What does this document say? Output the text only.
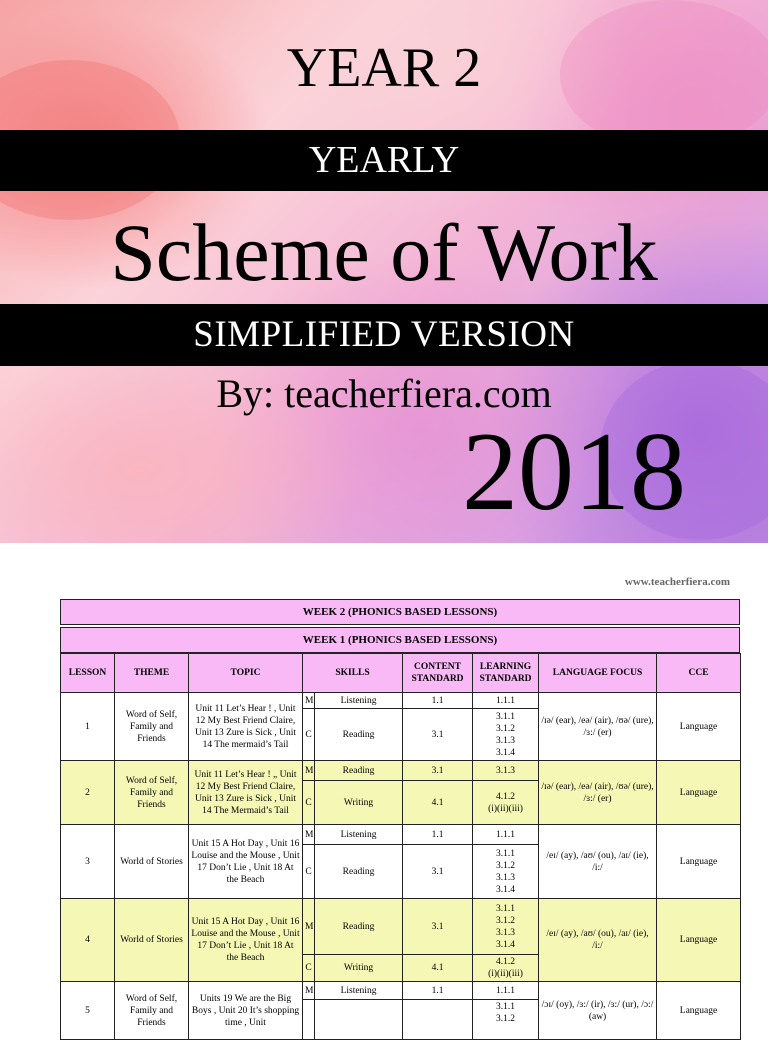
YEAR 2
YEARLY
Scheme of Work
SIMPLIFIED VERSION
By: teacherfiera.com
2018
www.teacherfiera.com
WEEK 2 (PHONICS BASED LESSONS)
WEEK 1 (PHONICS BASED LESSONS)
LESSON	THEME	TOPIC	SKILLS		CONTENT STANDARD	LEARNING STANDARD	LANGUAGE FOCUS	CCE
1	Word of Self, Family and Friends	Unit 11 Let’s Hear ! , Unit 12 My Best Friend Claire, Unit 13 Zure is Sick , Unit 14 The mermaid’s Tail	M	Listening	1.1	1.1.1	/ɪə/ (ear), /eə/ (air), /ʊə/ (ure), /ɜ:/ (er)	Language
			C	Reading	3.1	3.1.1
3.1.2
3.1.3
3.1.4		
2	Word of Self, Family and Friends	Unit 11 Let’s Hear ! „ Unit 12 My Best Friend Claire, Unit 13 Zure is Sick , Unit 14 The Mermaid’s Tail	M	Reading	3.1	3.1.3	/ɪə/ (ear), /eə/ (air), /ʊə/ (ure), /ɜ:/ (er)	Language
			C	Writing	4.1	4.1.2
(i)(ii)(iii)		
3	World of Stories	Unit 15 A Hot Day , Unit 16 Louise and the Mouse , Unit 17 Don’t Lie , Unit 18 At the Beach	M	Listening	1.1	1.1.1	/eɪ/ (ay), /aʊ/ (ou), /aɪ/ (ie), /i:/	Language
			C	Reading	3.1	3.1.1
3.1.2
3.1.3
3.1.4		
4	World of Stories	Unit 15 A Hot Day , Unit 16 Louise and the Mouse , Unit 17 Don’t Lie , Unit 18 At the Beach	M	Reading	3.1	3.1.1
3.1.2
3.1.3
3.1.4	/eɪ/ (ay), /aʊ/ (ou), /aɪ/ (ie), /i:/	Language
			C	Writing	4.1	4.1.2
(i)(ii)(iii)		
5	Word of Self, Family and Friends	Units 19 We are the Big Boys , Unit 20 It’s shopping time , Unit	M	Listening	1.1	1.1.1	/ɔɪ/ (oy), /ɜ:/ (ir), /ɜ:/ (ur), /ɔ:/ (aw)	Language
						3.1.1
3.1.2		
